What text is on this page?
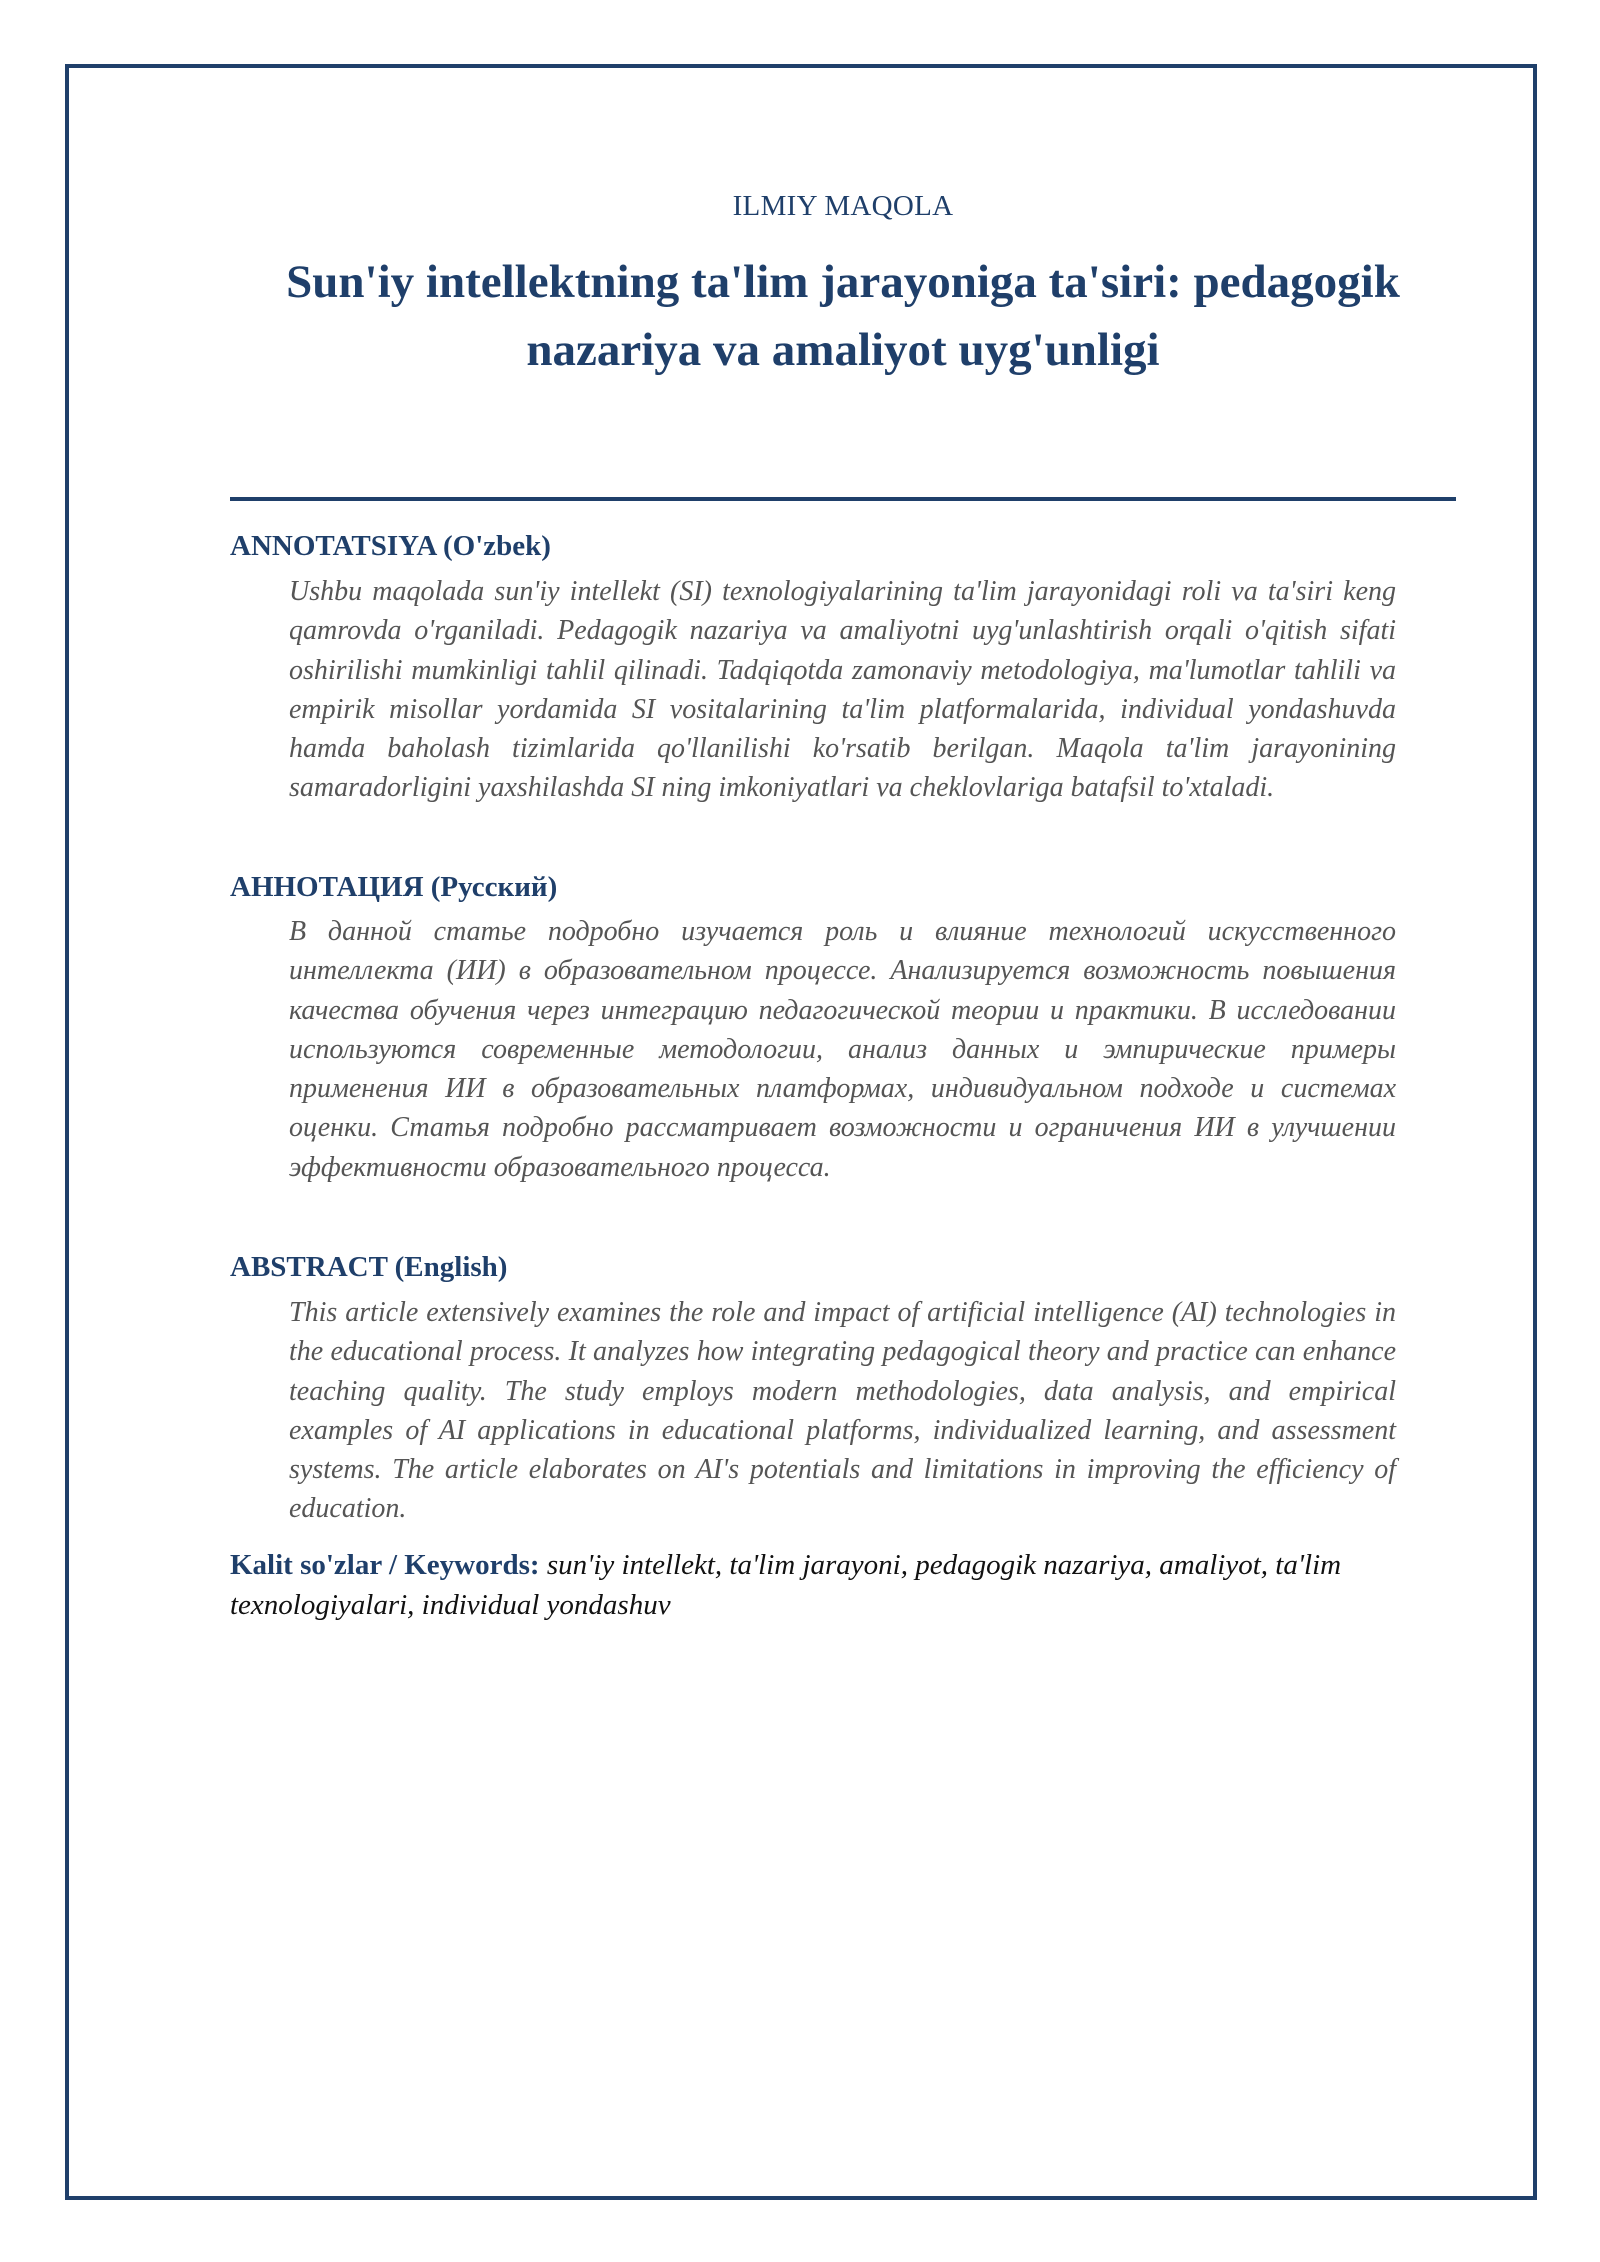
ILMIY MAQOLA
Sun'iy intellektning ta'lim jarayoniga ta'siri: pedagogik nazariya va amaliyot uyg'unligi
ANNOTATSIYA (O'zbek)
Ushbu maqolada sun'iy intellekt (SI) texnologiyalarining ta'lim jarayonidagi roli va ta'siri keng qamrovda o'rganiladi. Pedagogik nazariya va amaliyotni uyg'unlashtirish orqali o'qitish sifati oshirilishi mumkinligi tahlil qilinadi. Tadqiqotda zamonaviy metodologiya, ma'lumotlar tahlili va empirik misollar yordamida SI vositalarining ta'lim platformalarida, individual yondashuvda hamda baholash tizimlarida qo'llanilishi ko'rsatib berilgan. Maqola ta'lim jarayonining samaradorligini yaxshilashda SI ning imkoniyatlari va cheklovlariga batafsil to'xtaladi.
АННОТАЦИЯ (Русский)
В данной статье подробно изучается роль и влияние технологий искусственного интеллекта (ИИ) в образовательном процессе. Анализируется возможность повышения качества обучения через интеграцию педагогической теории и практики. В исследовании используются современные методологии, анализ данных и эмпирические примеры применения ИИ в образовательных платформах, индивидуальном подходе и системах оценки. Статья подробно рассматривает возможности и ограничения ИИ в улучшении эффективности образовательного процесса.
ABSTRACT (English)
This article extensively examines the role and impact of artificial intelligence (AI) technologies in the educational process. It analyzes how integrating pedagogical theory and practice can enhance teaching quality. The study employs modern methodologies, data analysis, and empirical examples of AI applications in educational platforms, individualized learning, and assessment systems. The article elaborates on AI's potentials and limitations in improving the efficiency of education.
Kalit so'zlar / Keywords: sun'iy intellekt, ta'lim jarayoni, pedagogik nazariya, amaliyot, ta'lim texnologiyalari, individual yondashuv
